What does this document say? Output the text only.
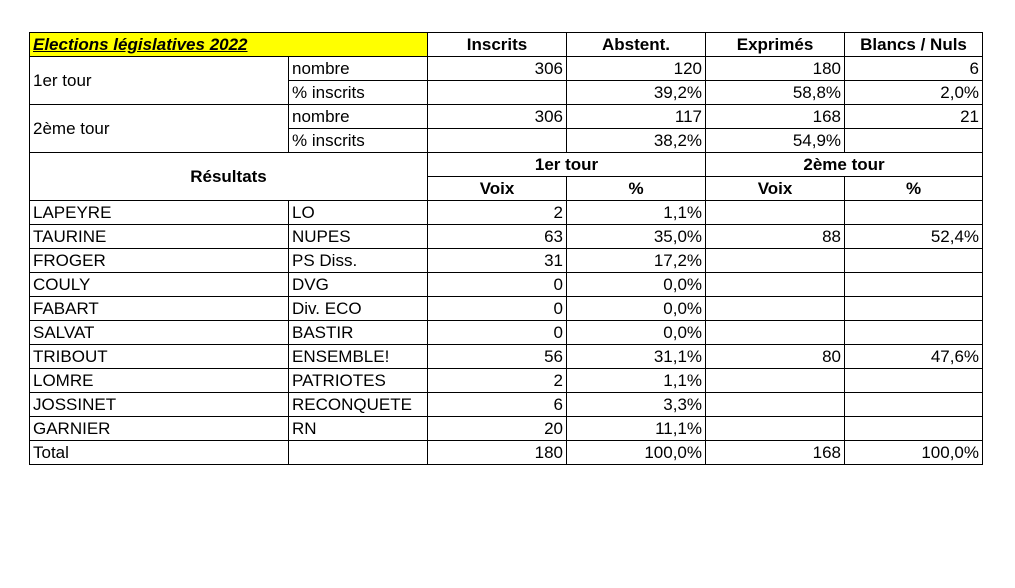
Elections législatives 2022		Inscrits	Abstent.	Exprimés	Blancs / Nuls
1er tour	nombre	306	120	180	6
	% inscrits		39,2%	58,8%	2,0%
2ème tour	nombre	306	117	168	21
	% inscrits		38,2%	54,9%	
Résultats		1er tour		2ème tour	
		Voix	%	Voix	%
LAPEYRE	LO	2	1,1%		
TAURINE	NUPES	63	35,0%	88	52,4%
FROGER	PS Diss.	31	17,2%		
COULY	DVG	0	0,0%		
FABART	Div. ECO	0	0,0%		
SALVAT	BASTIR	0	0,0%		
TRIBOUT	ENSEMBLE!	56	31,1%	80	47,6%
LOMRE	PATRIOTES	2	1,1%		
JOSSINET	RECONQUETE	6	3,3%		
GARNIER	RN	20	11,1%		
Total		180	100,0%	168	100,0%
